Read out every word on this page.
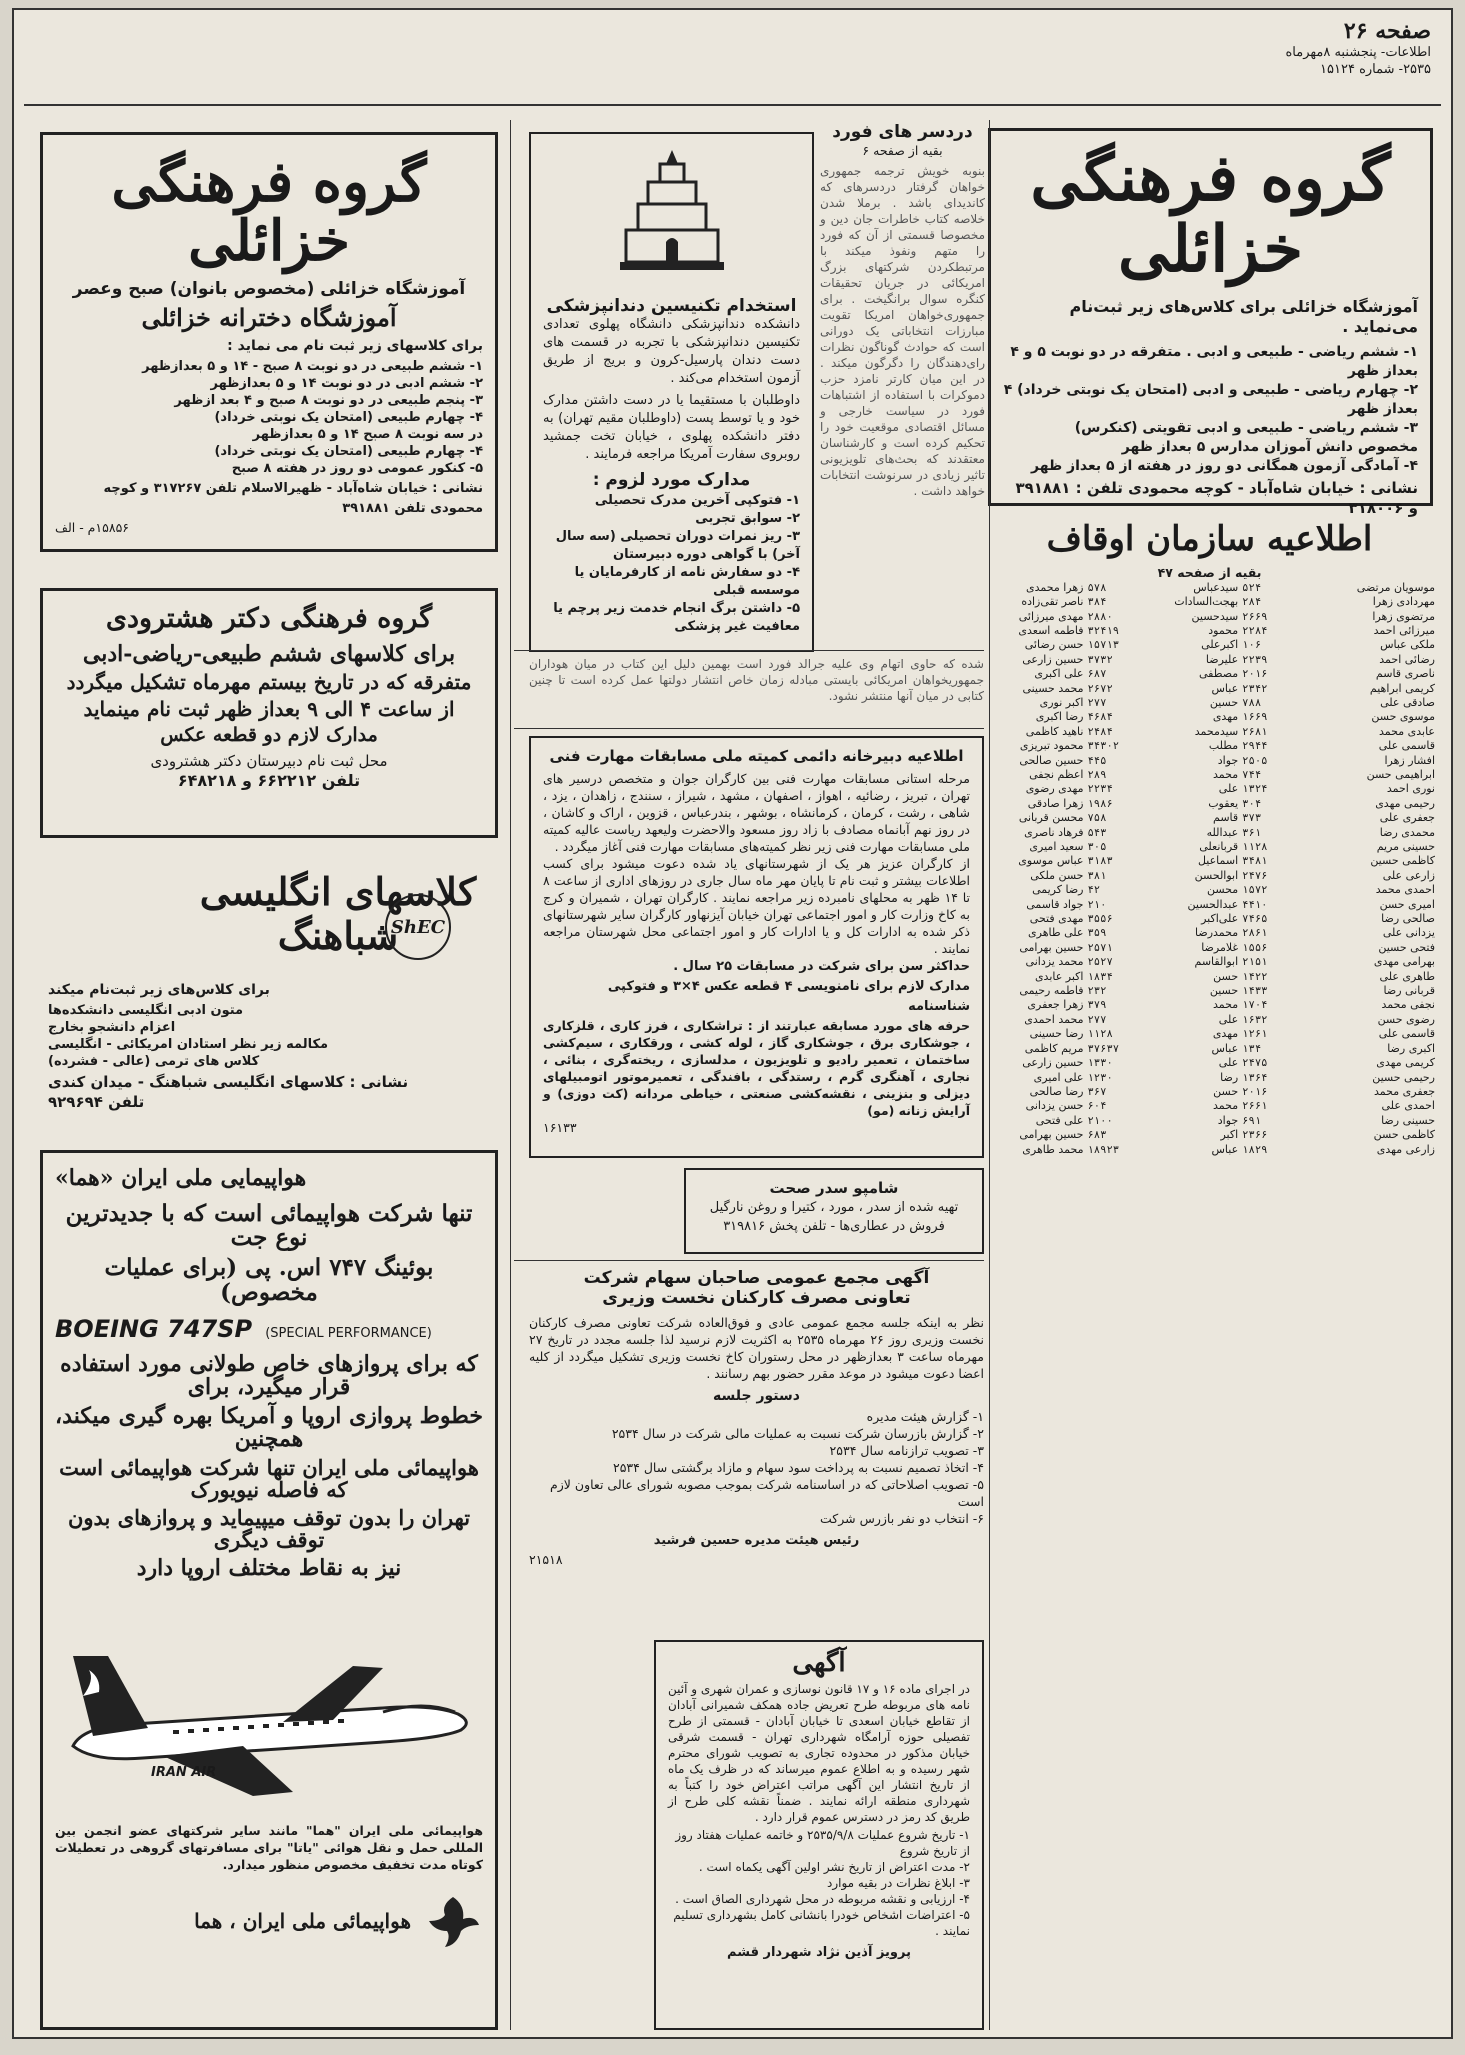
صفحه ۲۶
اطلاعات- پنجشنبه ۸مهرماه
۲۵۳۵- شماره ۱۵۱۲۴
گروه فرهنگی
خزائلی
آموزشگاه خزائلی برای کلاس‌های زیر ثبت‌نام می‌نماید .
۱- ششم ریاضی - طبیعی و ادبی . متفرقه در دو نوبت ۵ و ۴ بعداز ظهر
۲- چهارم ریاضی - طبیعی و ادبی (امتحان یک نوبتی خرداد) ۴ بعداز ظهر
۳- ششم ریاضی - طبیعی و ادبی تقویتی (کنکرس)
مخصوص دانش آموزان مدارس ۵ بعداز ظهر
۴- آمادگی آزمون همگانی دو روز در هفته از ۵ بعداز ظهر
نشانی : خیابان شاه‌آباد - کوچه محمودی تلفن : ۳۹۱۸۸۱ و ۳۱۸۰۰۶
اطلاعیه سازمان اوقاف
بقیه از صفحه ۴۷
موسویان مرتضی	۵۲۴	سیدعباس	۵۷۸	زهرا محمدی
مهردادی زهرا	۲۸۴	بهجت‌السادات	۳۸۴	ناصر تقی‌زاده
مرتضوی زهرا	۲۶۶۹	سیدحسین	۲۸۸۰	مهدی میرزائی
میرزائی احمد	۲۲۸۴	محمود	۳۲۴۱۹	فاطمه اسعدی
ملکی عباس	۱۰۶	اکبرعلی	۱۵۷۱۳	حسن رضائی
رضائی احمد	۲۲۳۹	علیرضا	۳۷۳۲	حسین زارعی
ناصری قاسم	۲۰۱۶	مصطفی	۶۸۷	علی اکبری
کریمی ابراهیم	۲۳۴۲	عباس	۲۶۷۲	محمد حسینی
صادقی علی	۷۸۸	حسین	۲۷۷	اکبر نوری
موسوی حسن	۱۶۶۹	مهدی	۴۶۸۴	رضا اکبری
عابدی محمد	۲۶۸۱	سیدمحمد	۲۴۸۴	ناهید کاظمی
قاسمی علی	۲۹۴۴	مطلب	۳۴۳۰۲	محمود تبریزی
افشار زهرا	۲۵۰۵	جواد	۴۴۵	حسین صالحی
ابراهیمی حسن	۷۴۴	محمد	۲۸۹	اعظم نجفی
نوری احمد	۱۳۲۴	علی	۲۲۳۴	مهدی رضوی
رحیمی مهدی	۳۰۴	یعقوب	۱۹۸۶	زهرا صادقی
جعفری علی	۳۷۳	قاسم	۷۵۸	محسن قربانی
محمدی رضا	۳۶۱	عبدالله	۵۴۳	فرهاد ناصری
حسینی مریم	۱۱۲۸	قربانعلی	۳۰۵	سعید امیری
کاظمی حسین	۳۴۸۱	اسماعیل	۳۱۸۳	عباس موسوی
زارعی علی	۲۴۷۶	ابوالحسن	۳۸۱	حسن ملکی
احمدی محمد	۱۵۷۲	محسن	۴۲	رضا کریمی
امیری حسن	۴۴۱۰	عبدالحسین	۲۱۰	جواد قاسمی
صالحی رضا	۷۴۶۵	علی‌اکبر	۳۵۵۶	مهدی فتحی
یزدانی علی	۲۸۶۱	محمدرضا	۳۵۹	علی طاهری
فتحی حسین	۱۵۵۶	غلامرضا	۲۵۷۱	حسین بهرامی
بهرامی مهدی	۲۱۵۱	ابوالقاسم	۲۵۲۷	محمد یزدانی
طاهری علی	۱۴۲۲	حسن	۱۸۳۴	اکبر عابدی
قربانی رضا	۱۴۳۳	حسین	۲۳۲	فاطمه رحیمی
نجفی محمد	۱۷۰۴	محمد	۳۷۹	زهرا جعفری
رضوی حسن	۱۶۳۲	علی	۲۷۷	محمد احمدی
قاسمی علی	۱۲۶۱	مهدی	۱۱۲۸	رضا حسینی
اکبری رضا	۱۳۴	عباس	۳۷۶۳۷	مریم کاظمی
کریمی مهدی	۲۴۷۵	علی	۱۳۳۰	حسین زارعی
رحیمی حسین	۱۳۶۴	رضا	۱۲۳۰	علی امیری
جعفری محمد	۲۰۱۶	حسن	۳۶۷	رضا صالحی
احمدی علی	۲۶۶۱	محمد	۶۰۴	حسن یزدانی
حسینی رضا	۶۹۱	جواد	۲۱۰۰	علی فتحی
کاظمی حسن	۲۳۶۶	اکبر	۶۸۳	حسین بهرامی
زارعی مهدی	۱۸۲۹	عباس	۱۸۹۲۳	محمد طاهری
دردسر های فورد
بقیه از صفحه ۶
بنوبه خویش ترجمه جمهوری خواهان گرفتار دردسرهای که کاندیدای باشد . برملا شدن خلاصه کتاب خاطرات جان دین و مخصوصا قسمتی از آن که فورد را متهم ونفوذ میکند با مرتبطکردن شرکتهای بزرگ امریکائی در جریان تحقیقات کنگره سوال برانگیخت . برای جمهوری‌خواهان امریکا تقویت مبارزات انتخاباتی یک دورانی است که حوادث گوناگون نظرات رای‌دهندگان را دگرگون میکند . در این میان کارتر نامزد حزب دموکرات با استفاده از اشتباهات فورد در سیاست خارجی و مسائل اقتصادی موقعیت خود را تحکیم کرده است و کارشناسان معتقدند که بحث‌های تلویزیونی تاثیر زیادی در سرنوشت انتخابات خواهد داشت .
استخدام تکنیسین دندانپزشکی
دانشکده دندانپزشکی دانشگاه پهلوی تعدادی تکنیسین دندانپزشکی با تجربه در قسمت های دست دندان پارسیل-کرون و بریج از طریق آزمون استخدام می‌کند .
داوطلبان با مستقیما یا در دست داشتن مدارک خود و یا توسط پست (داوطلبان مقیم تهران) به دفتر دانشکده پهلوی ، خیابان تخت جمشید روبروی سفارت آمریکا مراجعه فرمایند .
مدارک مورد لزوم :
۱- فتوکپی آخرین مدرک تحصیلی
۲- سوابق تجربی
۳- ریز نمرات دوران تحصیلی (سه سال آخر) با گواهی دوره دبیرستان
۴- دو سفارش نامه از کارفرمایان یا موسسه قبلی
۵- داشتن برگ انجام خدمت زیر پرچم یا معافیت غیر پزشکی
شده که حاوی اتهام وی علیه جرالد فورد است بهمین دلیل این کتاب در میان هوداران جمهوریخواهان امریکائی بایستی مبادله زمان خاص انتشار دولتها عمل کرده است تا چنین کتابی در میان آنها منتشر نشود.
اطلاعیه دبیرخانه دائمی کمیته ملی مسابقات مهارت فنی
مرحله استانی مسابقات مهارت فنی بین کارگران جوان و متخصص درسیر های تهران ، تبریز ، رضائیه ، اهواز ، اصفهان ، مشهد ، شیراز ، سنندج ، زاهدان ، یزد ، شاهی ، رشت ، کرمان ، کرمانشاه ، بوشهر ، بندرعباس ، قزوین ، اراک و کاشان ، در روز نهم آبانماه مصادف با زاد روز مسعود والاحضرت ولیعهد ریاست عالیه کمیته ملی مسابقات مهارت فنی زیر نظر کمیته‌های مسابقات مهارت فنی آغاز میگردد .
از کارگران عزیز هر یک از شهرستانهای یاد شده دعوت میشود برای کسب اطلاعات بیشتر و ثبت نام تا پایان مهر ماه سال جاری در روزهای اداری از ساعت ۸ تا ۱۴ ظهر به محلهای نامبرده زیر مراجعه نمایند . کارگران تهران ، شمیران و کرج به کاخ وزارت کار و امور اجتماعی تهران خیابان آیزنهاور کارگران سایر شهرستانهای ذکر شده به ادارات کل و یا ادارات کار و امور اجتماعی محل شهرستان مراجعه نمایند .
حداکثر سن برای شرکت در مسابقات ۲۵ سال .
مدارک لازم برای نامنویسی ۴ قطعه عکس ۴×۳ و فتوکپی شناسنامه
حرفه های مورد مسابقه عبارتند از : تراشکاری ، فرز کاری ، قلزکاری ، جوشکاری برق ، جوشکاری گاز ، لوله کشی ، ورقکاری ، سیم‌کشی ساختمان ، تعمیر رادیو و تلویزیون ، مدلسازی ، ریخته‌گری ، بنائی ، نجاری ، آهنگری گرم ، رستدگی ، بافندگی ، تعمیرموتور اتومبیلهای دیزلی و بنزینی ، نقشه‌کشی صنعتی ، خیاطی مردانه (کت دوزی) و آرایش زنانه (مو)
۱۶۱۳۳
شامپو سدر صحت
تهیه شده از سدر ، مورد ، کتیرا و روغن نارگیل
فروش در عطاری‌ها - تلفن پخش ۳۱۹۸۱۶
آگهی مجمع عمومی صاحبان سهام شرکت
تعاونی مصرف کارکنان نخست وزیری
نظر به اینکه جلسه مجمع عمومی عادی و فوق‌العاده شرکت تعاونی مصرف کارکنان نخست وزیری روز ۲۶ مهرماه ۲۵۳۵ به اکثریت لازم نرسید لذا جلسه مجدد در تاریخ ۲۷ مهرماه ساعت ۳ بعدازظهر در محل رستوران کاخ نخست وزیری تشکیل میگردد از کلیه اعضا دعوت میشود در موعد مقرر حضور بهم رسانند .
دستور جلسه
۱- گزارش هیئت مدیره
۲- گزارش بازرسان شرکت نسبت به عملیات مالی شرکت در سال ۲۵۳۴
۳- تصویب ترازنامه سال ۲۵۳۴
۴- اتخاذ تصمیم نسبت به پرداخت سود سهام و مازاد برگشتی سال ۲۵۳۴
۵- تصویب اصلاحاتی که در اساسنامه شرکت بموجب مصوبه شورای عالی تعاون لازم است
۶- انتخاب دو نفر بازرس شرکت
رئیس هیئت مدیره حسین فرشید
۲۱۵۱۸
آگهی
در اجرای ماده ۱۶ و ۱۷ قانون نوسازی و عمران شهری و آئین نامه های مربوطه طرح تعریض جاده همکف شمیرانی آبادان از تقاطع خیابان اسعدی تا خیابان آبادان - قسمتی از طرح تفصیلی حوزه آرامگاه شهرداری تهران - قسمت شرقی خیابان مذکور در محدوده تجاری به تصویب شورای محترم شهر رسیده و به اطلاع عموم میرساند که در ظرف یک ماه از تاریخ انتشار این آگهی مراتب اعتراض خود را کتباً به شهرداری منطقه ارائه نمایند . ضمناً نقشه کلی طرح از طریق کد رمز در دسترس عموم قرار دارد .
۱- تاریخ شروع عملیات ۲۵۳۵/۹/۸ و خاتمه عملیات هفتاد روز از تاریخ شروع
۲- مدت اعتراض از تاریخ نشر اولین آگهی یکماه است .
۳- ابلاغ نظرات در بقیه موارد
۴- ارزیابی و نقشه مربوطه در محل شهرداری الصاق است .
۵- اعتراضات اشخاص خودرا بانشانی کامل بشهرداری تسلیم نمایند .
پرویز آذین‌ نژاد شهردار قشم
گروه فرهنگی
خزائلی
آموزشگاه خزائلی (مخصوص بانوان) صبح وعصر
آموزشگاه دخترانه خزائلی
برای کلاسهای زیر ثبت نام می نماید :
۱- ششم طبیعی در دو نوبت ۸ صبح - ۱۴ و ۵ بعدازظهر
۲- ششم ادبی در دو نوبت ۱۴ و ۵ بعدازظهر
۳- پنجم طبیعی در دو نوبت ۸ صبح و ۴ بعد ازظهر
۴- چهارم طبیعی (امتحان یک نوبتی خرداد)
در سه نوبت ۸ صبح ۱۴ و ۵ بعدازظهر
۴- چهارم طبیعی (امتحان یک نوبتی خرداد)
۵- کنکور عمومی دو روز در هفته ۸ صبح
نشانی : خیابان شاه‌آباد - ظهیرالاسلام تلفن ۳۱۷۲۶۷ و کوچه محمودی تلفن ۳۹۱۸۸۱
۱۵۸۵۶م - الف
گروه فرهنگی دکتر هشترودی
برای کلاسهای ششم طبیعی-ریاضی-ادبی
متفرقه که در تاریخ بیستم مهرماه تشکیل میگردد
از ساعت ۴ الی ۹ بعداز ظهر ثبت نام مینماید
مدارک لازم دو قطعه عکس
محل ثبت نام دبیرستان دکتر هشترودی
تلفن ۶۶۲۲۱۲ و ۶۴۸۲۱۸
کلاسهای انگلیسی
شباهنگ
ShEC
برای کلاس‌های زیر ثبت‌نام میکند
متون ادبی انگلیسی دانشکده‌ها
اعزام دانشجو بخارج
مکالمه زیر نظر استادان امریکائی - انگلیسی
کلاس های ترمی (عالی - فشرده)
نشانی : کلاسهای انگلیسی شباهنگ - میدان کندی
تلفن ۹۲۹۶۹۴
هواپیمایی ملی ایران «هما»
تنها شرکت هواپیمائی است که با جدیدترین نوع جت
بوئینگ ۷۴۷ اس. پی (برای عملیات مخصوص)
BOEING 747SP (SPECIAL PERFORMANCE)
که برای پروازهای خاص طولانی مورد استفاده قرار میگیرد، برای
خطوط پروازی اروپا و آمریکا بهره گیری میکند، همچنین
هواپیمائی ملی ایران تنها شرکت هواپیمائی است که فاصله نیویورک
تهران را بدون توقف میپیماید و پروازهای بدون توقف دیگری
نیز به نقاط مختلف اروپا دارد
IRAN AIR
هواپیمائی ملی ایران "هما" مانند سایر شرکتهای عضو انجمن بین المللی حمل و نقل هوائی "یاتا" برای مسافرتهای گروهی در تعطیلات کوتاه مدت تخفیف مخصوص منظور میدارد.
هواپیمائی ملی ایران ، هما
